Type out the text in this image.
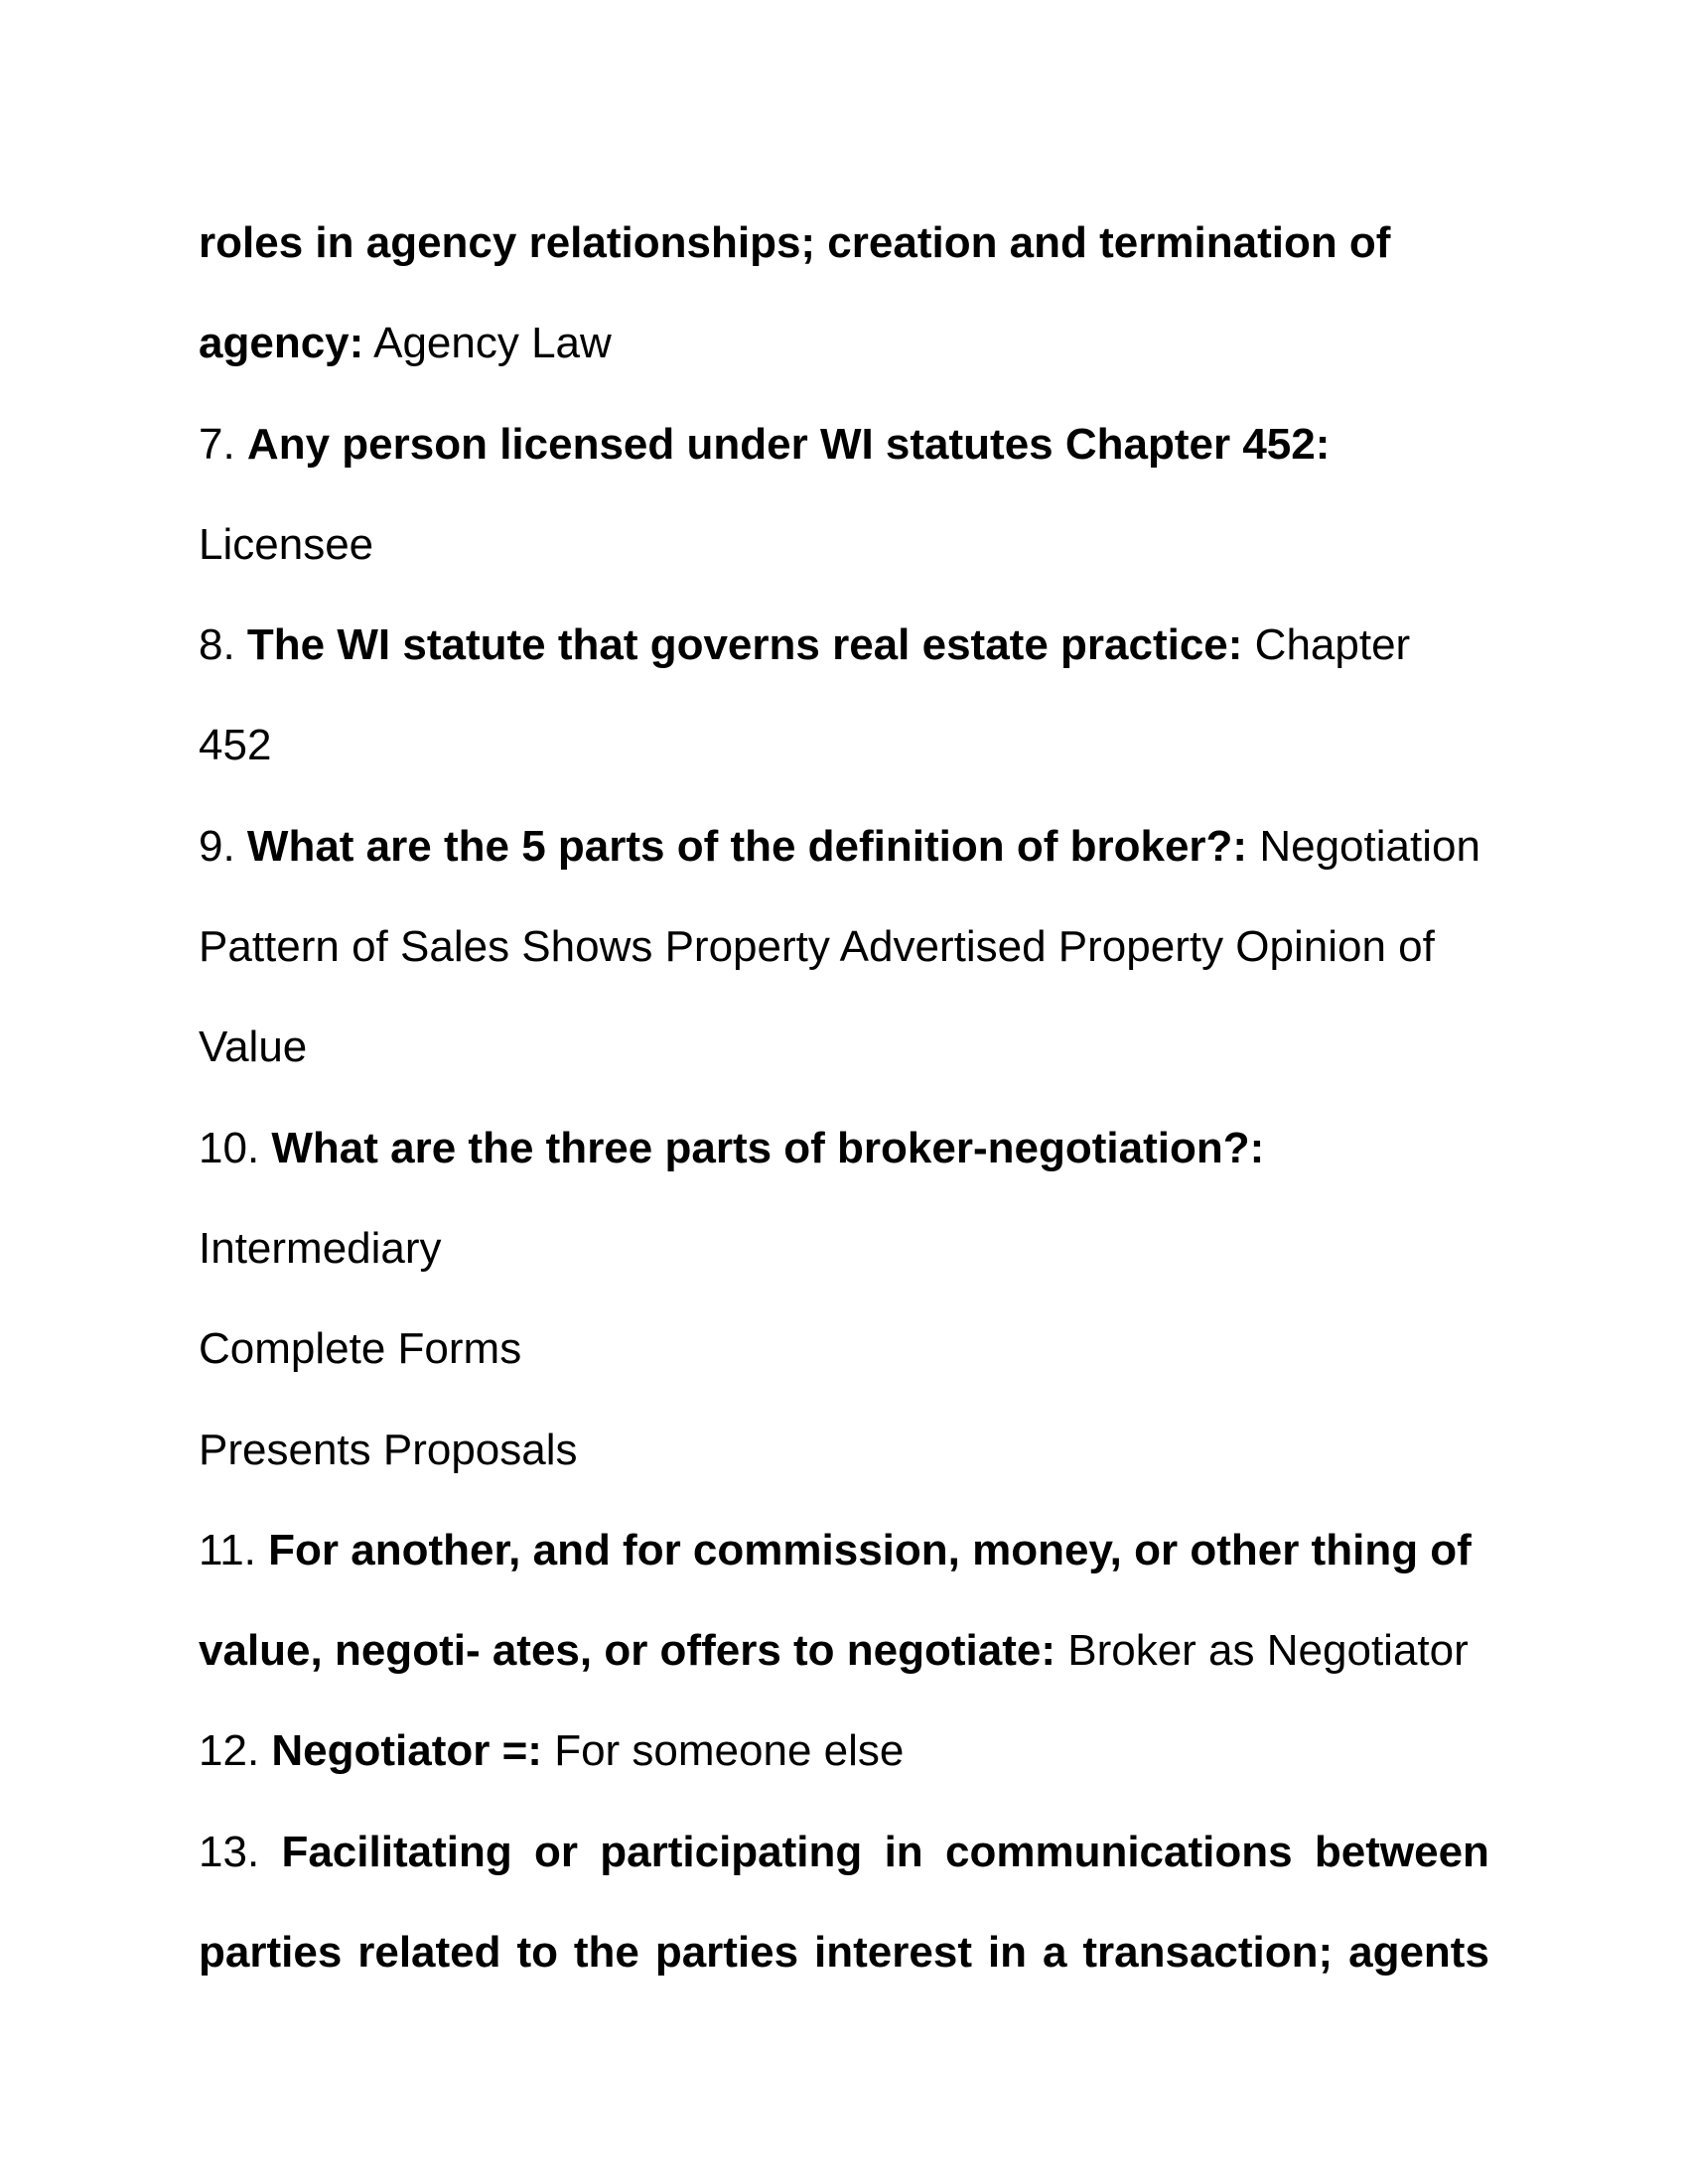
roles in agency relationships; creation and termination of
agency: Agency Law
7. Any person licensed under WI statutes Chapter 452:
Licensee
8. The WI statute that governs real estate practice: Chapter
452
9. What are the 5 parts of the definition of broker?: Negotiation
Pattern of Sales Shows Property Advertised Property Opinion of
Value
10. What are the three parts of broker-negotiation?:
Intermediary
Complete Forms
Presents Proposals
11. For another, and for commission, money, or other thing of
value, negoti- ates, or offers to negotiate: Broker as Negotiator
12. Negotiator =: For someone else
13. Facilitating or participating in communications between
parties related to the parties interest in a transaction; agents
